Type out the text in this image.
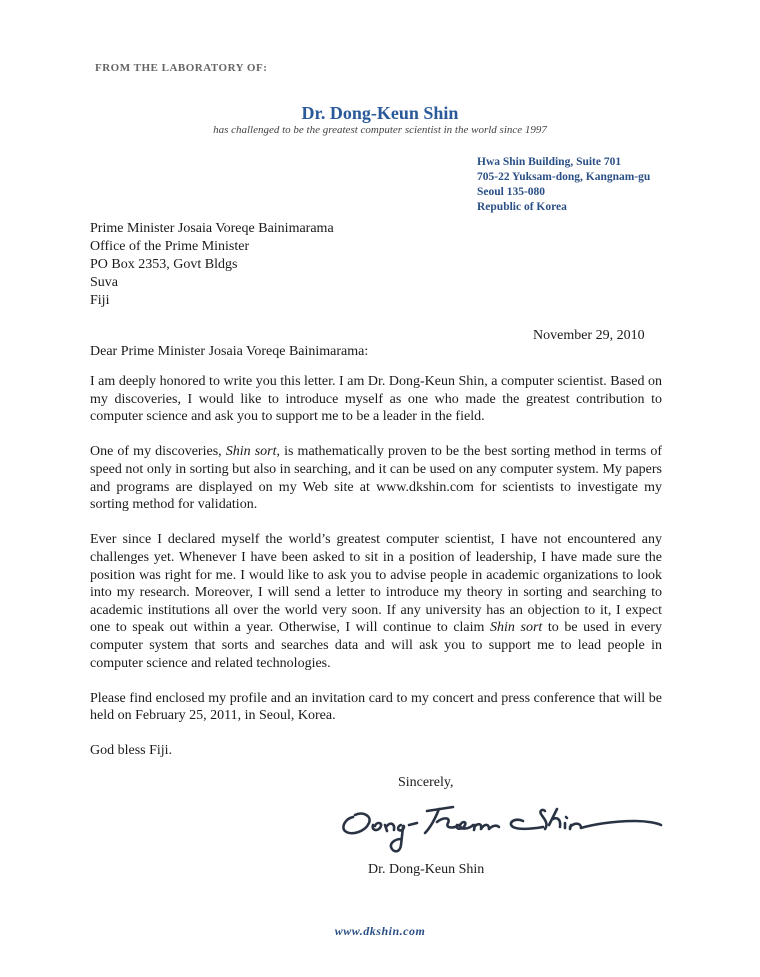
FROM THE LABORATORY OF:
Dr. Dong-Keun Shin
has challenged to be the greatest computer scientist in the world since 1997
Hwa Shin Building, Suite 701
705-22 Yuksam-dong, Kangnam-gu
Seoul 135-080
Republic of Korea
Prime Minister Josaia Voreqe Bainimarama
Office of the Prime Minister
PO Box 2353, Govt Bldgs
Suva
Fiji
November 29, 2010
Dear Prime Minister Josaia Voreqe Bainimarama:

I am deeply honored to write you this letter. I am Dr. Dong-Keun Shin, a computer scientist. Based on my discoveries, I would like to introduce myself as one who made the greatest contribution to computer science and ask you to support me to be a leader in the field.

One of my discoveries, Shin sort, is mathematically proven to be the best sorting method in terms of speed not only in sorting but also in searching, and it can be used on any computer system. My papers and programs are displayed on my Web site at www.dkshin.com for scientists to investigate my sorting method for validation.

Ever since I declared myself the world’s greatest computer scientist, I have not encountered any challenges yet. Whenever I have been asked to sit in a position of leadership, I have made sure the position was right for me. I would like to ask you to advise people in academic organizations to look into my research. Moreover, I will send a letter to introduce my theory in sorting and searching to academic institutions all over the world very soon. If any university has an objection to it, I expect one to speak out within a year. Otherwise, I will continue to claim Shin sort to be used in every computer system that sorts and searches data and will ask you to support me to lead people in computer science and related technologies.

Please find enclosed my profile and an invitation card to my concert and press conference that will be held on February 25, 2011, in Seoul, Korea.

God bless Fiji.

Sincerely,
Dr. Dong-Keun Shin
www.dkshin.com
